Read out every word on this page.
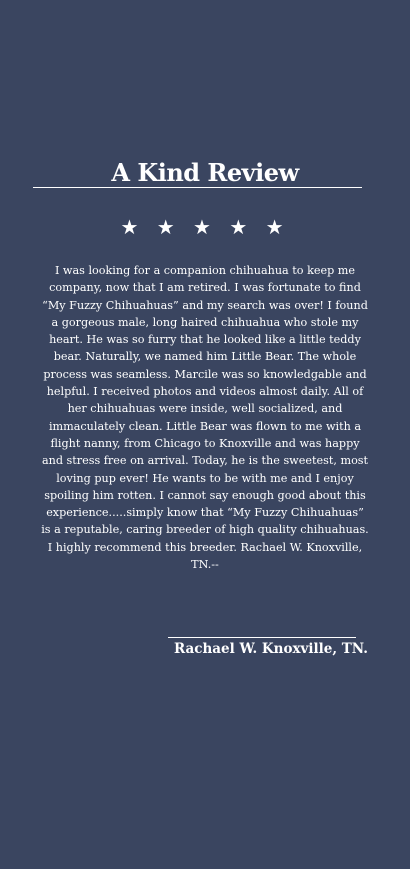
A Kind Review
★ ★ ★ ★ ★

I was looking for a companion chihuahua to keep me company, now that I am retired. I was fortunate to find “My Fuzzy Chihuahuas” and my search was over! I found a gorgeous male, long haired chihuahua who stole my heart. He was so furry that he looked like a little teddy bear. Naturally, we named him Little Bear. The whole process was seamless. Marcile was so knowledgable and helpful. I received photos and videos almost daily. All of her chihuahuas were inside, well socialized, and immaculately clean. Little Bear was flown to me with a flight nanny, from Chicago to Knoxville and was happy and stress free on arrival. Today, he is the sweetest, most loving pup ever! He wants to be with me and I enjoy spoiling him rotten. I cannot say enough good about this experience.....simply know that “My Fuzzy Chihuahuas” is a reputable, caring breeder of high quality chihuahuas. I highly recommend this breeder. Rachael W. Knoxville, TN.--

Rachael W. Knoxville, TN.
